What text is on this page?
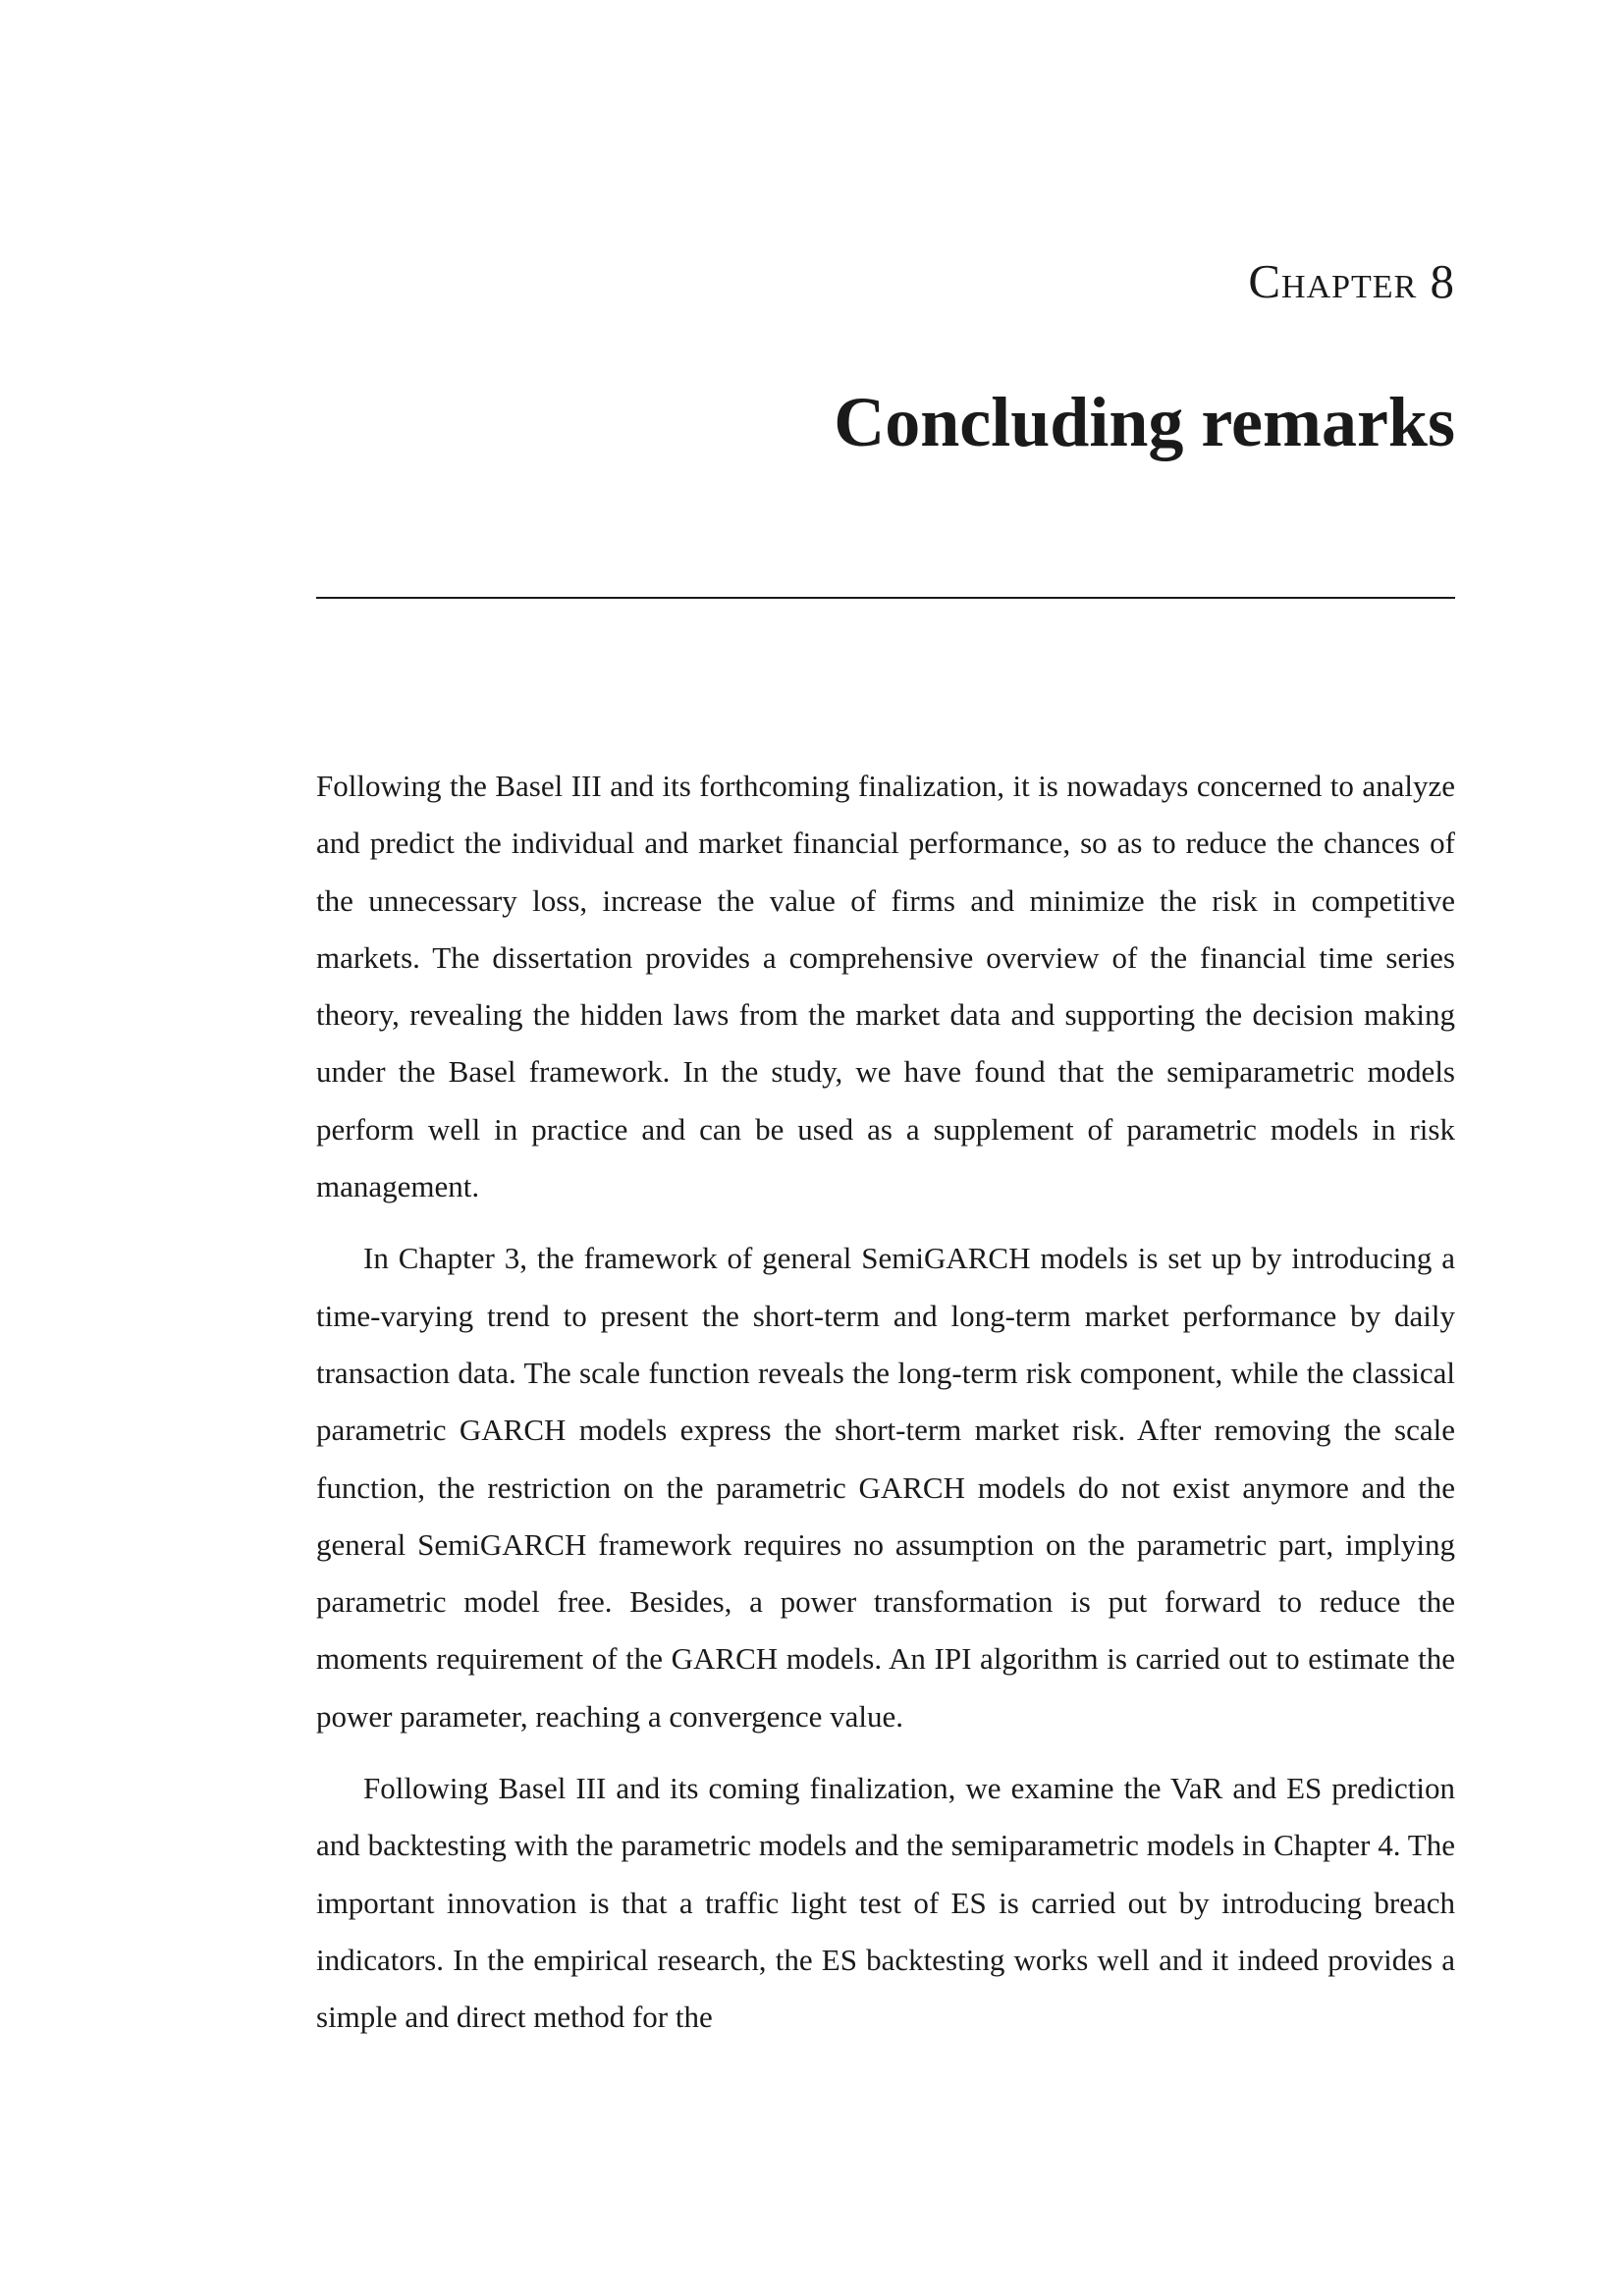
Chapter 8
Concluding remarks

Following the Basel III and its forthcoming finalization, it is nowadays concerned to analyze and predict the individual and market financial performance, so as to reduce the chances of the unnecessary loss, increase the value of firms and minimize the risk in competitive markets. The dissertation provides a comprehensive overview of the financial time series theory, revealing the hidden laws from the market data and supporting the decision making under the Basel framework. In the study, we have found that the semiparametric models perform well in practice and can be used as a supplement of parametric models in risk management.

In Chapter 3, the framework of general SemiGARCH models is set up by introducing a time-varying trend to present the short-term and long-term market performance by daily transaction data. The scale function reveals the long-term risk component, while the classical parametric GARCH models express the short-term market risk. After removing the scale function, the restriction on the parametric GARCH models do not exist anymore and the general SemiGARCH framework requires no assumption on the parametric part, implying parametric model free. Besides, a power transformation is put forward to reduce the moments requirement of the GARCH models. An IPI algorithm is carried out to estimate the power parameter, reaching a convergence value.

Following Basel III and its coming finalization, we examine the VaR and ES prediction and backtesting with the parametric models and the semiparametric models in Chapter 4. The important innovation is that a traffic light test of ES is carried out by introducing breach indicators. In the empirical research, the ES backtesting works well and it indeed provides a simple and direct method for the
